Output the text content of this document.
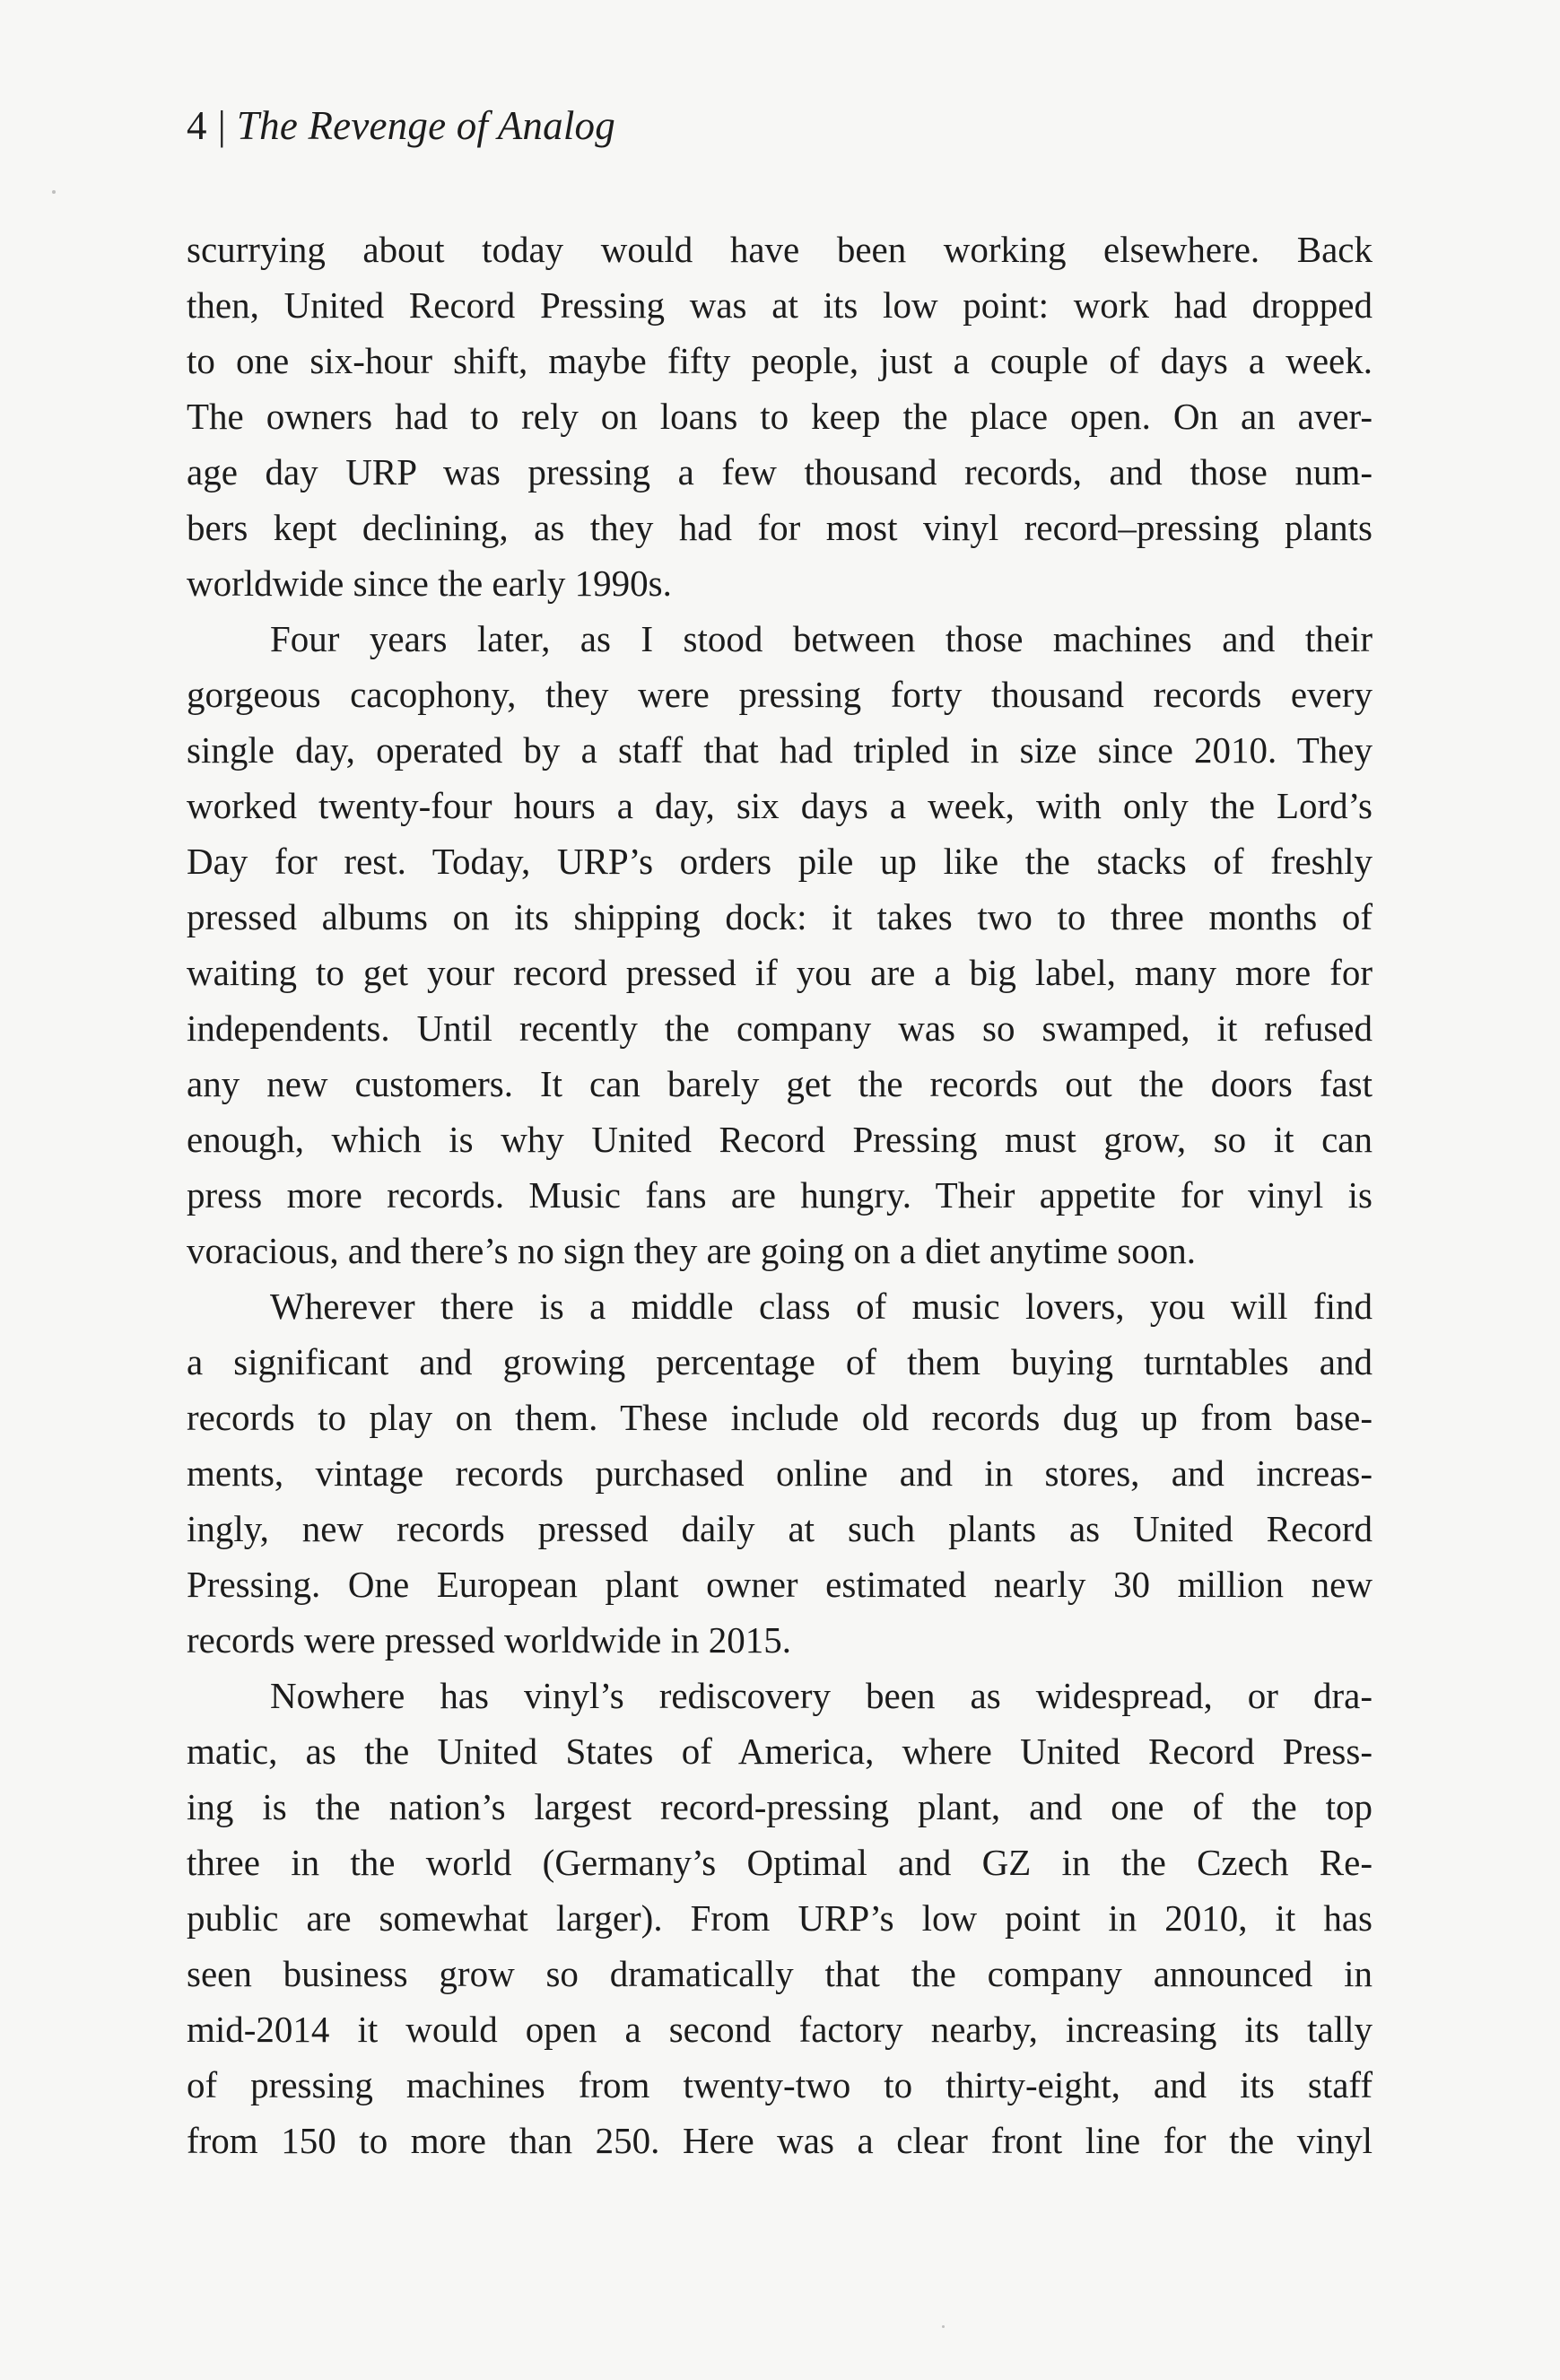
4 | The Revenge of Analog
scurrying about today would have been working elsewhere. Back
then, United Record Pressing was at its low point: work had dropped
to one six-hour shift, maybe fifty people, just a couple of days a week.
The owners had to rely on loans to keep the place open. On an aver-
age day URP was pressing a few thousand records, and those num-
bers kept declining, as they had for most vinyl record–pressing plants
worldwide since the early 1990s.
Four years later, as I stood between those machines and their
gorgeous cacophony, they were pressing forty thousand records every
single day, operated by a staff that had tripled in size since 2010. They
worked twenty-four hours a day, six days a week, with only the Lord’s
Day for rest. Today, URP’s orders pile up like the stacks of freshly
pressed albums on its shipping dock: it takes two to three months of
waiting to get your record pressed if you are a big label, many more for
independents. Until recently the company was so swamped, it refused
any new customers. It can barely get the records out the doors fast
enough, which is why United Record Pressing must grow, so it can
press more records. Music fans are hungry. Their appetite for vinyl is
voracious, and there’s no sign they are going on a diet anytime soon.
Wherever there is a middle class of music lovers, you will find
a significant and growing percentage of them buying turntables and
records to play on them. These include old records dug up from base-
ments, vintage records purchased online and in stores, and increas-
ingly, new records pressed daily at such plants as United Record
Pressing. One European plant owner estimated nearly 30 million new
records were pressed worldwide in 2015.
Nowhere has vinyl’s rediscovery been as widespread, or dra-
matic, as the United States of America, where United Record Press-
ing is the nation’s largest record-pressing plant, and one of the top
three in the world (Germany’s Optimal and GZ in the Czech Re-
public are somewhat larger). From URP’s low point in 2010, it has
seen business grow so dramatically that the company announced in
mid-2014 it would open a second factory nearby, increasing its tally
of pressing machines from twenty-two to thirty-eight, and its staff
from 150 to more than 250. Here was a clear front line for the vinyl
